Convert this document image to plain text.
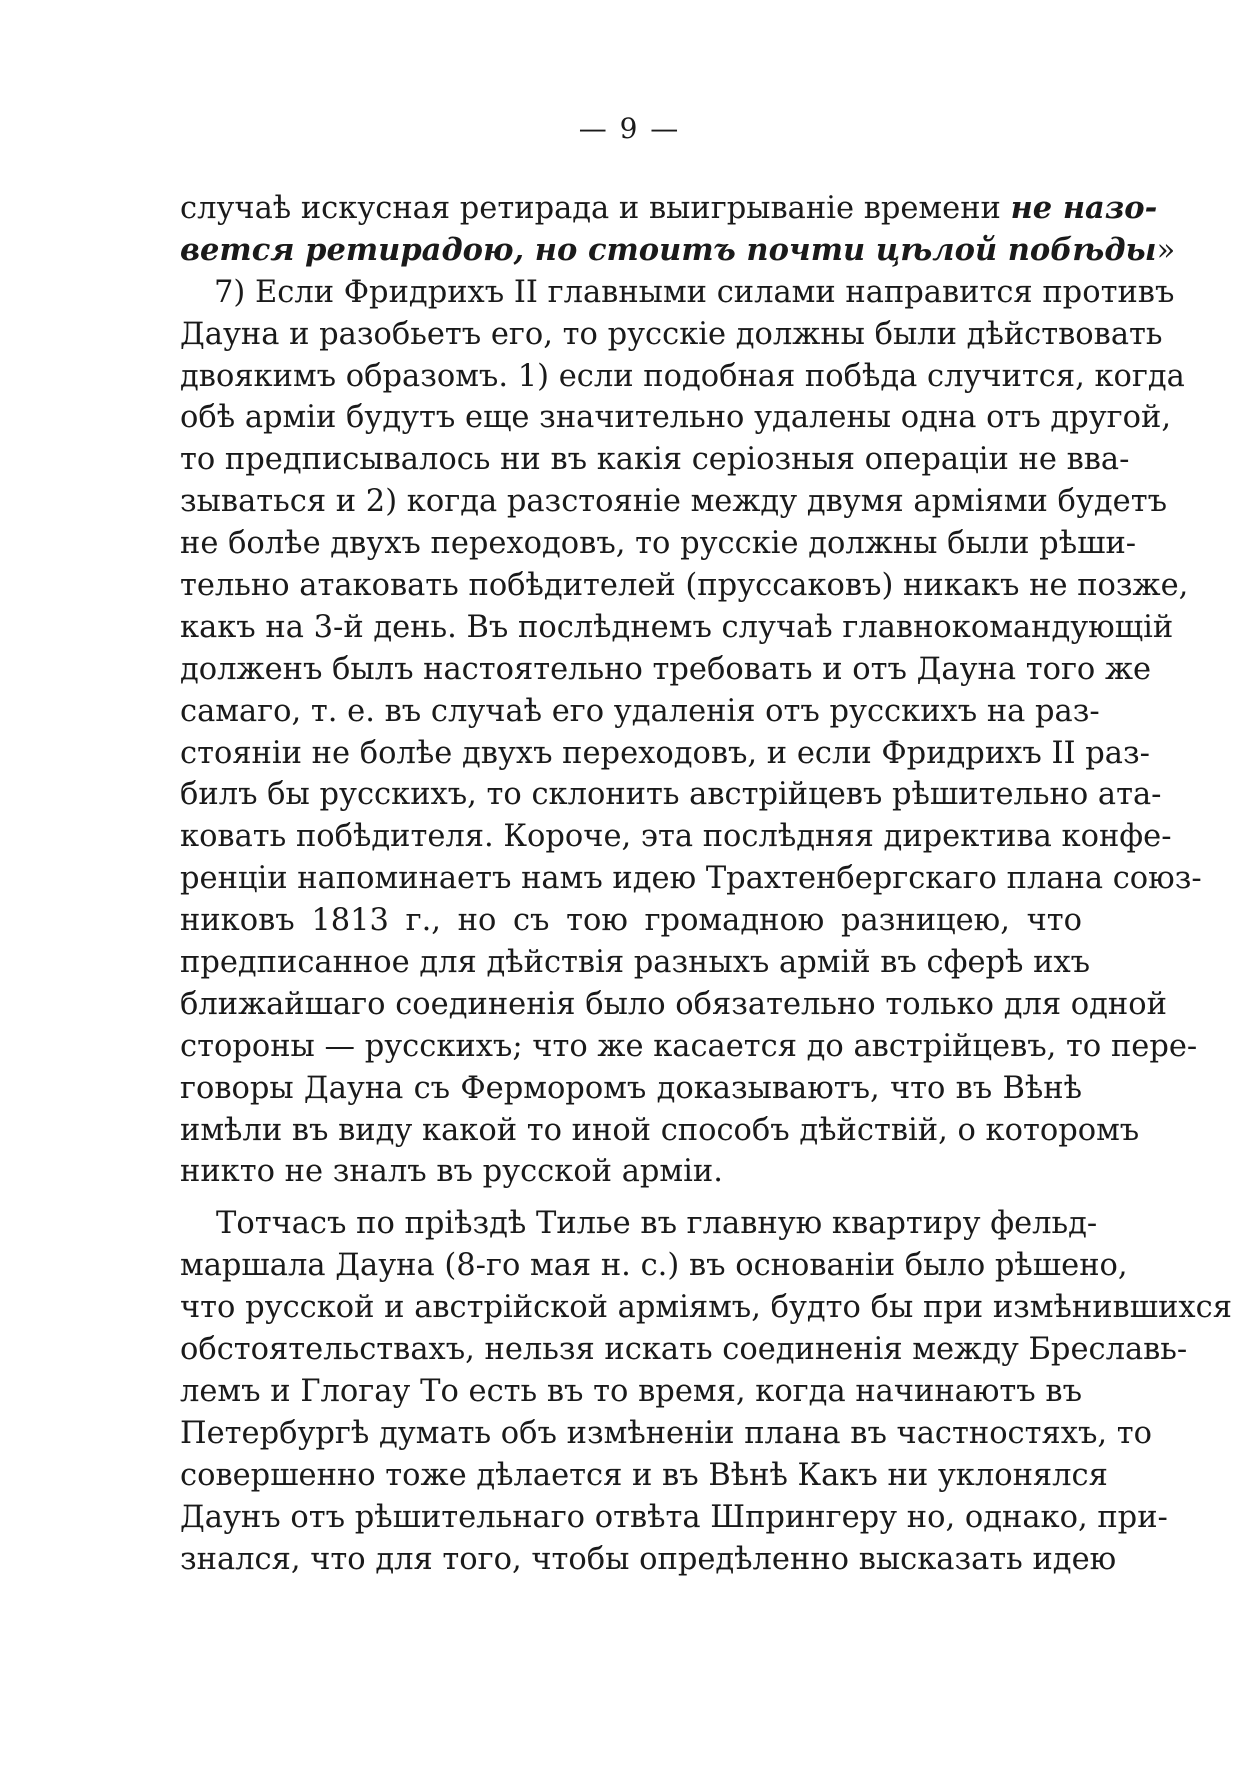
— 9 —
случаѣ искусная ретирада и выигрываніе времени не назо-
вется ретирадою, но стоитъ почти цѣлой побѣды»
7) Если Фридрихъ II главными силами направится противъ
Дауна и разобьетъ его, то русскіе должны были дѣйствовать
двоякимъ образомъ. 1) если подобная побѣда случится, когда
обѣ арміи будутъ еще значительно удалены одна отъ другой,
то предписывалось ни въ какія серіозныя операціи не вва-
зываться и 2) когда разстояніе между двумя арміями будетъ
не болѣе двухъ переходовъ, то русскіе должны были рѣши-
тельно атаковать побѣдителей (пруссаковъ) никакъ не позже,
какъ на 3-й день. Въ послѣднемъ случаѣ главнокомандующій
долженъ былъ настоятельно требовать и отъ Дауна того же
самаго, т. е. въ случаѣ его удаленія отъ русскихъ на раз-
стояніи не болѣе двухъ переходовъ, и если Фридрихъ II раз-
билъ бы русскихъ, то склонить австрійцевъ рѣшительно ата-
ковать побѣдителя. Короче, эта послѣдняя директива конфе-
ренціи напоминаетъ намъ идею Трахтенбергскаго плана союз-
никовъ 1813 г., но съ тою громадною разницею, что
предписанное для дѣйствія разныхъ армій въ сферѣ ихъ
ближайшаго соединенія было обязательно только для одной
стороны — русскихъ; что же касается до австрійцевъ, то пере-
говоры Дауна съ Ферморомъ доказываютъ, что въ Вѣнѣ
имѣли въ виду какой то иной способъ дѣйствій, о которомъ
никто не зналъ въ русской арміи.
Тотчасъ по пріѣздѣ Тилье въ главную квартиру фельд-
маршала Дауна (8-го мая н. с.) въ основаніи было рѣшено,
что русской и австрійской арміямъ, будто бы при измѣнившихся
обстоятельствахъ, нельзя искать соединенія между Бреславь-
лемъ и Глогау То есть въ то время, когда начинаютъ въ
Петербургѣ думать объ измѣненіи плана въ частностяхъ, то
совершенно тоже дѣлается и въ Вѣнѣ Какъ ни уклонялся
Даунъ отъ рѣшительнаго отвѣта Шпрингеру но, однако, при-
знался, что для того, чтобы опредѣленно высказать идею
